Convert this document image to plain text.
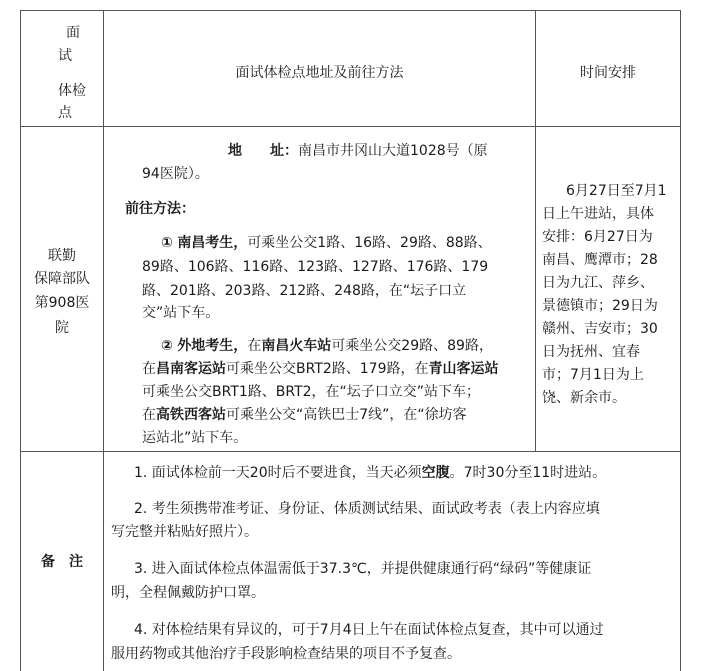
面
试
体检
点
面试体检点地址及前往方法	时间安排
联勤
保障部队
第908医
院
地　　址：南昌市井冈山大道1028号（原
94医院）。
前往方法：
① 南昌考生，可乘坐公交1路、16路、29路、88路、
89路、106路、116路、123路、127路、176路、179
路、201路、203路、212路、248路，在“坛子口立
交”站下车。
② 外地考生，在南昌火车站可乘坐公交29路、89路，
在昌南客运站可乘坐公交BRT2路、179路，在青山客运站
可乘坐公交BRT1路、BRT2，在“坛子口立交”站下车；
在高铁西客站可乘坐公交“高铁巴士7线”，在“徐坊客
运站北”站下车。
6月27日至7月1
日上午进站，具体
安排：6月27日为
南昌、鹰潭市；28
日为九江、萍乡、
景德镇市；29日为
赣州、吉安市；30
日为抚州、宜春
市；7月1日为上
饶、新余市。
备　注
1. 面试体检前一天20时后不要进食，当天必须空腹。7时30分至11时进站。
2. 考生须携带准考证、身份证、体质测试结果、面试政考表（表上内容应填
写完整并粘贴好照片）。
3. 进入面试体检点体温需低于37.3℃，并提供健康通行码“绿码”等健康证
明，全程佩戴防护口罩。
4. 对体检结果有异议的，可于7月4日上午在面试体检点复查，其中可以通过
服用药物或其他治疗手段影响检查结果的项目不予复查。
